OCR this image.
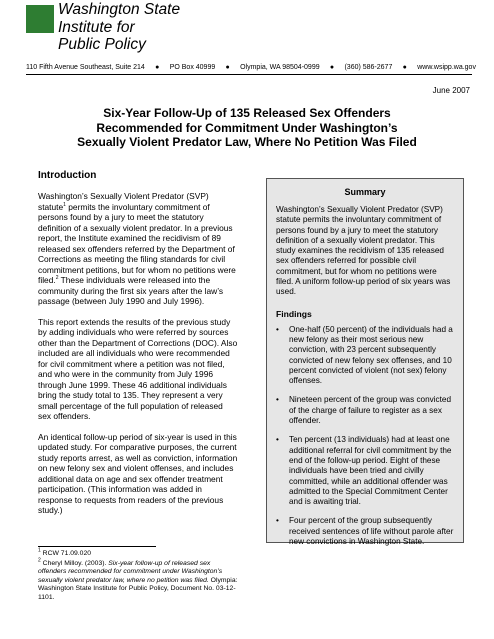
Washington State
Institute for
Public Policy
110 Fifth Avenue Southeast, Suite 214 ● PO Box 40999 ● Olympia, WA 98504-0999 ● (360) 586-2677 ● www.wsipp.wa.gov
June 2007
Six-Year Follow-Up of 135 Released Sex Offenders
Recommended for Commitment Under Washington’s
Sexually Violent Predator Law, Where No Petition Was Filed
Introduction

Washington’s Sexually Violent Predator (SVP) statute$^1$ permits the involuntary commitment of persons found by a jury to meet the statutory definition of a sexually violent predator. In a previous report, the Institute examined the recidivism of 89 released sex offenders referred by the Department of Corrections as meeting the filing standards for civil commitment petitions, but for whom no petitions were filed.$^2$ These individuals were released into the community during the first six years after the law’s passage (between July 1990 and July 1996).

This report extends the results of the previous study by adding individuals who were referred by sources other than the Department of Corrections (DOC). Also included are all individuals who were recommended for civil commitment where a petition was not filed, and who were in the community from July 1996 through June 1999. These 46 additional individuals bring the study total to 135. They represent a very small percentage of the full population of released sex offenders.

An identical follow-up period of six-year is used in this updated study. For comparative purposes, the current study reports arrest, as well as conviction, information on new felony sex and violent offenses, and includes additional data on age and sex offender treatment participation. (This information was added in response to requests from readers of the previous study.)

$^1$ RCW 71.09.020

$^2$ Cheryl Milloy. (2003). Six-year follow-up of released sex offenders recommended for commitment under Washington’s sexually violent predator law, where no petition was filed. Olympia: Washington State Institute for Public Policy, Document No. 03-12-1101.

Summary

Washington’s Sexually Violent Predator (SVP) statute permits the involuntary commitment of persons found by a jury to meet the statutory definition of a sexually violent predator. This study examines the recidivism of 135 released sex offenders referred for possible civil commitment, but for whom no petitions were filed. A uniform follow-up period of six years was used.

Findings
• One-half (50 percent) of the individuals had a new felony as their most serious new conviction, with 23 percent subsequently convicted of new felony sex offenses, and 10 percent convicted of violent (not sex) felony offenses.
• Nineteen percent of the group was convicted of the charge of failure to register as a sex offender.
• Ten percent (13 individuals) had at least one additional referral for civil commitment by the end of the follow-up period. Eight of these individuals have been tried and civilly committed, while an additional offender was admitted to the Special Commitment Center and is awaiting trial.
• Four percent of the group subsequently received sentences of life without parole after new convictions in Washington State.
